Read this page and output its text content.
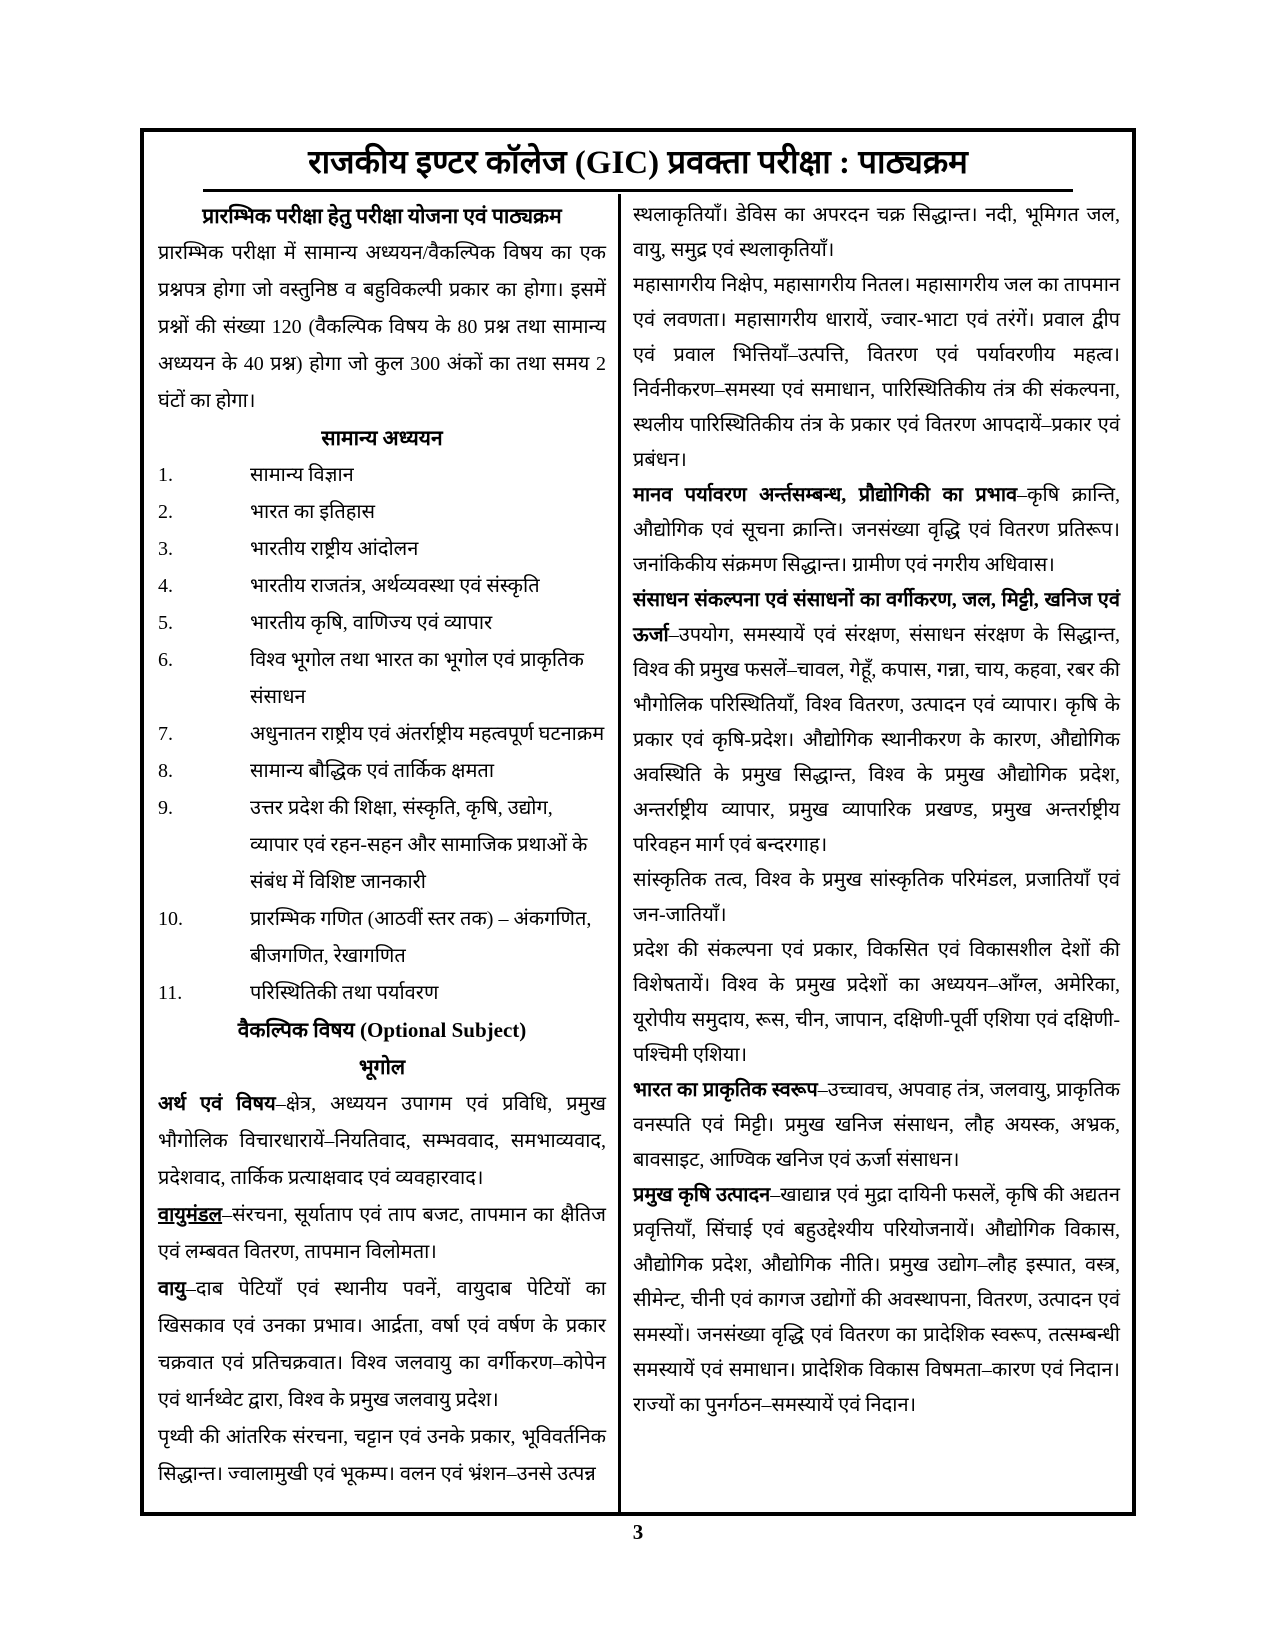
राजकीय इण्टर कॉलेज (GIC) प्रवक्ता परीक्षा : पाठ्यक्रम
प्रारम्भिक परीक्षा हेतु परीक्षा योजना एवं पाठ्यक्रम

प्रारम्भिक परीक्षा में सामान्य अध्ययन/वैकल्पिक विषय का एक प्रश्नपत्र होगा जो वस्तुनिष्ठ व बहुविकल्पी प्रकार का होगा। इसमें प्रश्नों की संख्या 120 (वैकल्पिक विषय के 80 प्रश्न तथा सामान्य अध्ययन के 40 प्रश्न) होगा जो कुल 300 अंकों का तथा समय 2 घंटों का होगा।

सामान्य अध्ययन
1.	सामान्य विज्ञान
2.	भारत का इतिहास
3.	भारतीय राष्ट्रीय आंदोलन
4.	भारतीय राजतंत्र, अर्थव्यवस्था एवं संस्कृति
5.	भारतीय कृषि, वाणिज्य एवं व्यापार
6.	विश्व भूगोल तथा भारत का भूगोल एवं प्राकृतिक संसाधन
7.	अधुनातन राष्ट्रीय एवं अंतर्राष्ट्रीय महत्वपूर्ण घटनाक्रम
8.	सामान्य बौद्धिक एवं तार्किक क्षमता
9.	उत्तर प्रदेश की शिक्षा, संस्कृति, कृषि, उद्योग, व्यापार एवं रहन-सहन और सामाजिक प्रथाओं के संबंध में विशिष्ट जानकारी
10.	प्रारम्भिक गणित (आठवीं स्तर तक) – अंकगणित, बीजगणित, रेखागणित
11.	परिस्थितिकी तथा पर्यावरण
वैकल्पिक विषय (Optional Subject)
भूगोल

अर्थ एवं विषय–क्षेत्र, अध्ययन उपागम एवं प्रविधि, प्रमुख भौगोलिक विचारधारायें–नियतिवाद, सम्भववाद, समभाव्यवाद, प्रदेशवाद, तार्किक प्रत्याक्षवाद एवं व्यवहारवाद।

वायुमंडल–संरचना, सूर्याताप एवं ताप बजट, तापमान का क्षैतिज एवं लम्बवत वितरण, तापमान विलोमता।

वायु–दाब पेटियाँ एवं स्थानीय पवनें, वायुदाब पेटियों का खिसकाव एवं उनका प्रभाव। आर्द्रता, वर्षा एवं वर्षण के प्रकार चक्रवात एवं प्रतिचक्रवात। विश्व जलवायु का वर्गीकरण–कोपेन एवं थार्नथ्वेट द्वारा, विश्व के प्रमुख जलवायु प्रदेश।

पृथ्वी की आंतरिक संरचना, चट्टान एवं उनके प्रकार, भूविवर्तनिक सिद्धान्त। ज्वालामुखी एवं भूकम्प। वलन एवं भ्रंशन–उनसे उत्पन्न

स्थलाकृतियाँ। डेविस का अपरदन चक्र सिद्धान्त। नदी, भूमिगत जल, वायु, समुद्र एवं स्थलाकृतियाँ।

महासागरीय निक्षेप, महासागरीय नितल। महासागरीय जल का तापमान एवं लवणता। महासागरीय धारायें, ज्वार-भाटा एवं तरंगें। प्रवाल द्वीप एवं प्रवाल भित्तियाँ–उत्पत्ति, वितरण एवं पर्यावरणीय महत्व। निर्वनीकरण–समस्या एवं समाधान, पारिस्थितिकीय तंत्र की संकल्पना, स्थलीय पारिस्थितिकीय तंत्र के प्रकार एवं वितरण आपदायें–प्रकार एवं प्रबंधन।

मानव पर्यावरण अर्न्तसम्बन्ध, प्रौद्योगिकी का प्रभाव–कृषि क्रान्ति, औद्योगिक एवं सूचना क्रान्ति। जनसंख्या वृद्धि एवं वितरण प्रतिरूप। जनांकिकीय संक्रमण सिद्धान्त। ग्रामीण एवं नगरीय अधिवास।

संसाधन संकल्पना एवं संसाधनों का वर्गीकरण, जल, मिट्टी, खनिज एवं ऊर्जा–उपयोग, समस्यायें एवं संरक्षण, संसाधन संरक्षण के सिद्धान्त, विश्व की प्रमुख फसलें–चावल, गेहूँ, कपास, गन्ना, चाय, कहवा, रबर की भौगोलिक परिस्थितियाँ, विश्व वितरण, उत्पादन एवं व्यापार। कृषि के प्रकार एवं कृषि-प्रदेश। औद्योगिक स्थानीकरण के कारण, औद्योगिक अवस्थिति के प्रमुख सिद्धान्त, विश्व के प्रमुख औद्योगिक प्रदेश, अन्तर्राष्ट्रीय व्यापार, प्रमुख व्यापारिक प्रखण्ड, प्रमुख अन्तर्राष्ट्रीय परिवहन मार्ग एवं बन्दरगाह।

सांस्कृतिक तत्व, विश्व के प्रमुख सांस्कृतिक परिमंडल, प्रजातियाँ एवं जन-जातियाँ।

प्रदेश की संकल्पना एवं प्रकार, विकसित एवं विकासशील देशों की विशेषतायें। विश्व के प्रमुख प्रदेशों का अध्ययन–आँग्ल, अमेरिका, यूरोपीय समुदाय, रूस, चीन, जापान, दक्षिणी-पूर्वी एशिया एवं दक्षिणी-पश्चिमी एशिया।

भारत का प्राकृतिक स्वरूप–उच्चावच, अपवाह तंत्र, जलवायु, प्राकृतिक वनस्पति एवं मिट्टी। प्रमुख खनिज संसाधन, लौह अयस्क, अभ्रक, बावसाइट, आण्विक खनिज एवं ऊर्जा संसाधन।

प्रमुख कृषि उत्पादन–खाद्यान्न एवं मुद्रा दायिनी फसलें, कृषि की अद्यतन प्रवृत्तियाँ, सिंचाई एवं बहुउद्देश्यीय परियोजनायें। औद्योगिक विकास, औद्योगिक प्रदेश, औद्योगिक नीति। प्रमुख उद्योग–लौह इस्पात, वस्त्र, सीमेन्ट, चीनी एवं कागज उद्योगों की अवस्थापना, वितरण, उत्पादन एवं समस्यों। जनसंख्या वृद्धि एवं वितरण का प्रादेशिक स्वरूप, तत्सम्बन्धी समस्यायें एवं समाधान। प्रादेशिक विकास विषमता–कारण एवं निदान। राज्यों का पुनर्गठन–समस्यायें एवं निदान।

3
